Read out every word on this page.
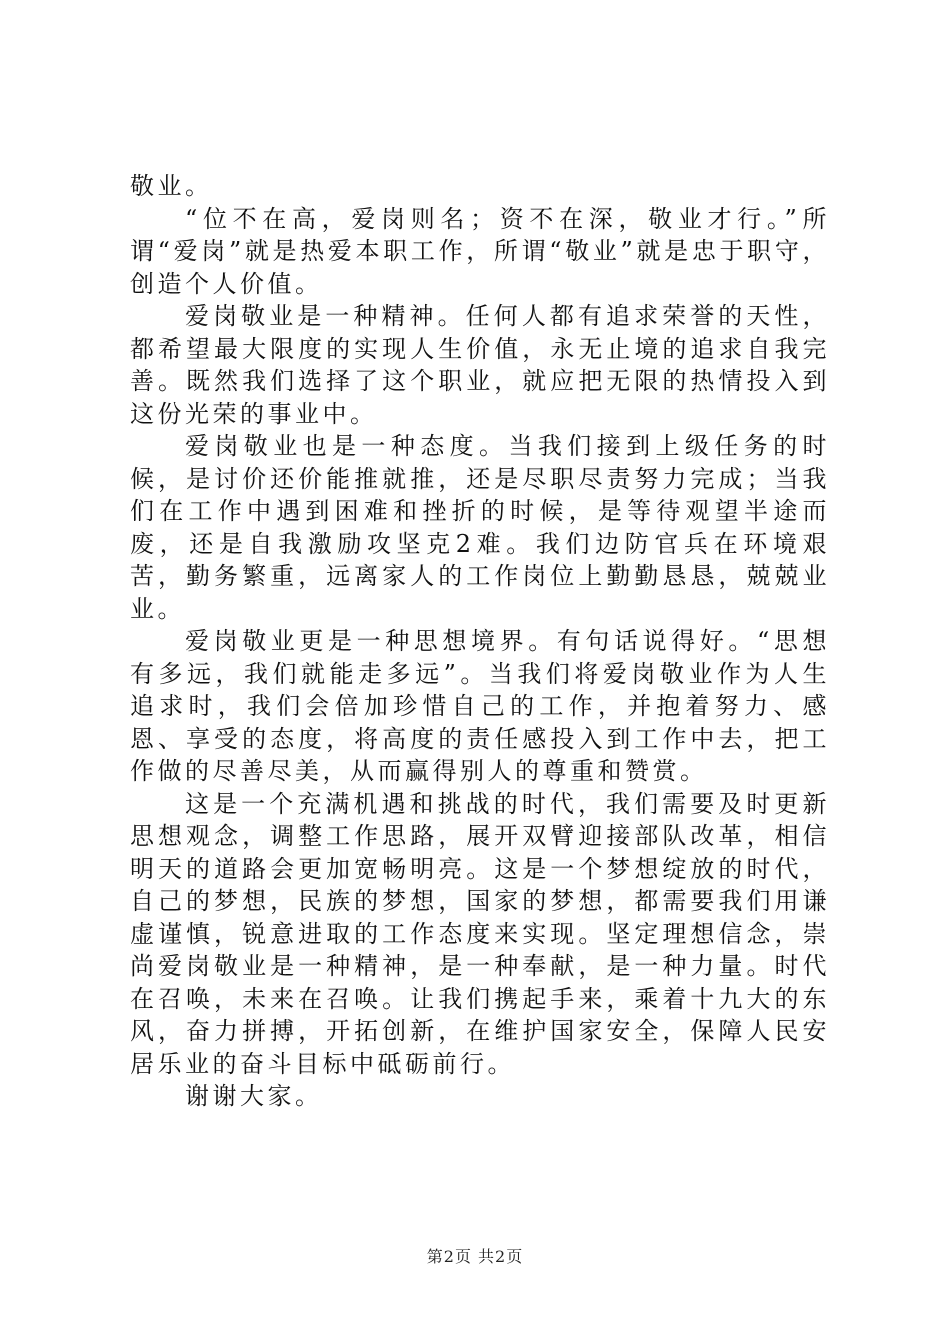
敬业。

“位不在高，爱岗则名；资不在深，敬业才行。”所谓“爱岗”就是热爱本职工作，所谓“敬业”就是忠于职守，创造个人价值。

爱岗敬业是一种精神。任何人都有追求荣誉的天性，都希望最大限度的实现人生价值，永无止境的追求自我完善。既然我们选择了这个职业，就应把无限的热情投入到这份光荣的事业中。

爱岗敬业也是一种态度。当我们接到上级任务的时候，是讨价还价能推就推，还是尽职尽责努力完成；当我们在工作中遇到困难和挫折的时候，是等待观望半途而废，还是自我激励攻坚克2难。我们边防官兵在环境艰苦，勤务繁重，远离家人的工作岗位上勤勤恳恳，兢兢业业。

爱岗敬业更是一种思想境界。有句话说得好。“思想有多远，我们就能走多远”。当我们将爱岗敬业作为人生追求时，我们会倍加珍惜自己的工作，并抱着努力、感恩、享受的态度，将高度的责任感投入到工作中去，把工作做的尽善尽美，从而赢得别人的尊重和赞赏。

这是一个充满机遇和挑战的时代，我们需要及时更新思想观念，调整工作思路，展开双臂迎接部队改革，相信明天的道路会更加宽畅明亮。这是一个梦想绽放的时代，自己的梦想，民族的梦想，国家的梦想，都需要我们用谦虚谨慎，锐意进取的工作态度来实现。坚定理想信念，崇尚爱岗敬业是一种精神，是一种奉献，是一种力量。时代在召唤，未来在召唤。让我们携起手来，乘着十九大的东风，奋力拼搏，开拓创新，在维护国家安全，保障人民安居乐业的奋斗目标中砥砺前行。

谢谢大家。

第2页 共2页
